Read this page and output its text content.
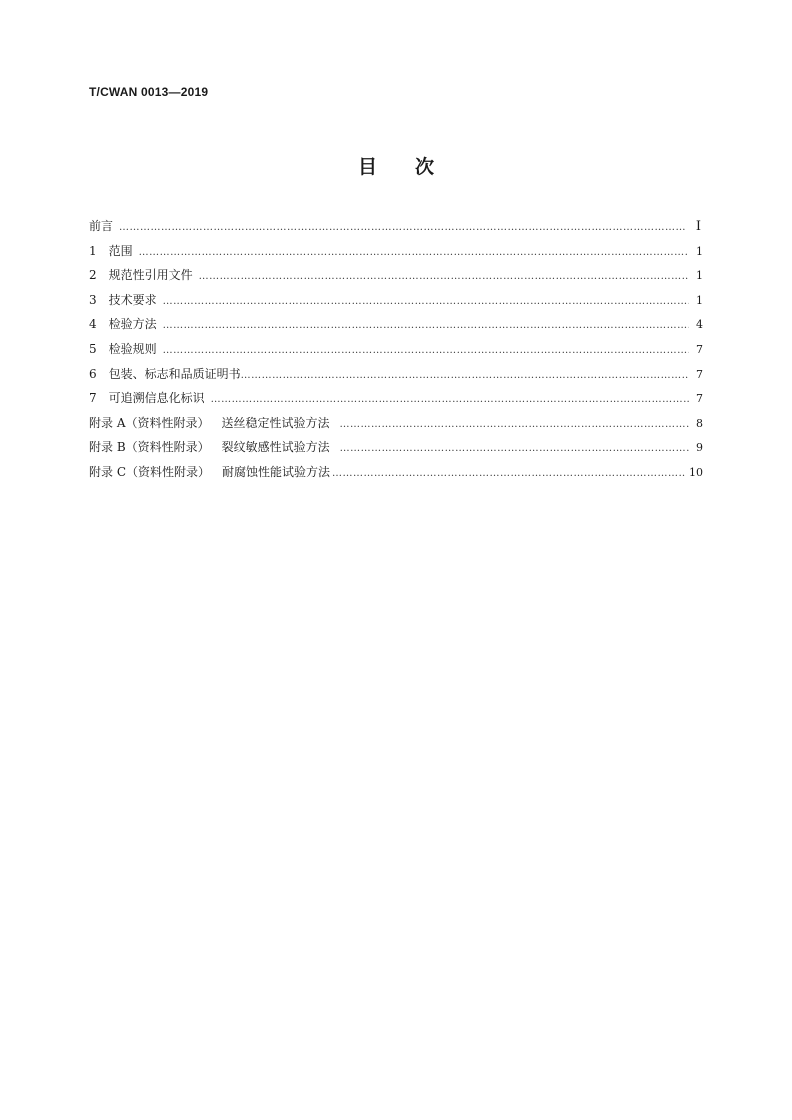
T/CWAN 0013—2019
目次
前言 …………………………………………………………………………………………………………………………………………………………………………………………………………………………	I
1 范围 …………………………………………………………………………………………………………………………………………………………………………………………………………………………	1
2 规范性引用文件 …………………………………………………………………………………………………………………………………………………………………………………………………………………………	1
3 技术要求 …………………………………………………………………………………………………………………………………………………………………………………………………………………………	1
4 检验方法 …………………………………………………………………………………………………………………………………………………………………………………………………………………………	4
5 检验规则 …………………………………………………………………………………………………………………………………………………………………………………………………………………………	7
6 包装、标志和品质证明书 …………………………………………………………………………………………………………………………………………………………………………………………………………………………	7
7 可追溯信息化标识 …………………………………………………………………………………………………………………………………………………………………………………………………………………………	7
附录 A（资料性附录） 送丝稳定性试验方法 …………………………………………………………………………………………………………………………………………………………………………………………………………………………	8
附录 B（资料性附录） 裂纹敏感性试验方法 …………………………………………………………………………………………………………………………………………………………………………………………………………………………	9
附录 C（资料性附录） 耐腐蚀性能试验方法 …………………………………………………………………………………………………………………………………………………………………………………………………………………………	10
